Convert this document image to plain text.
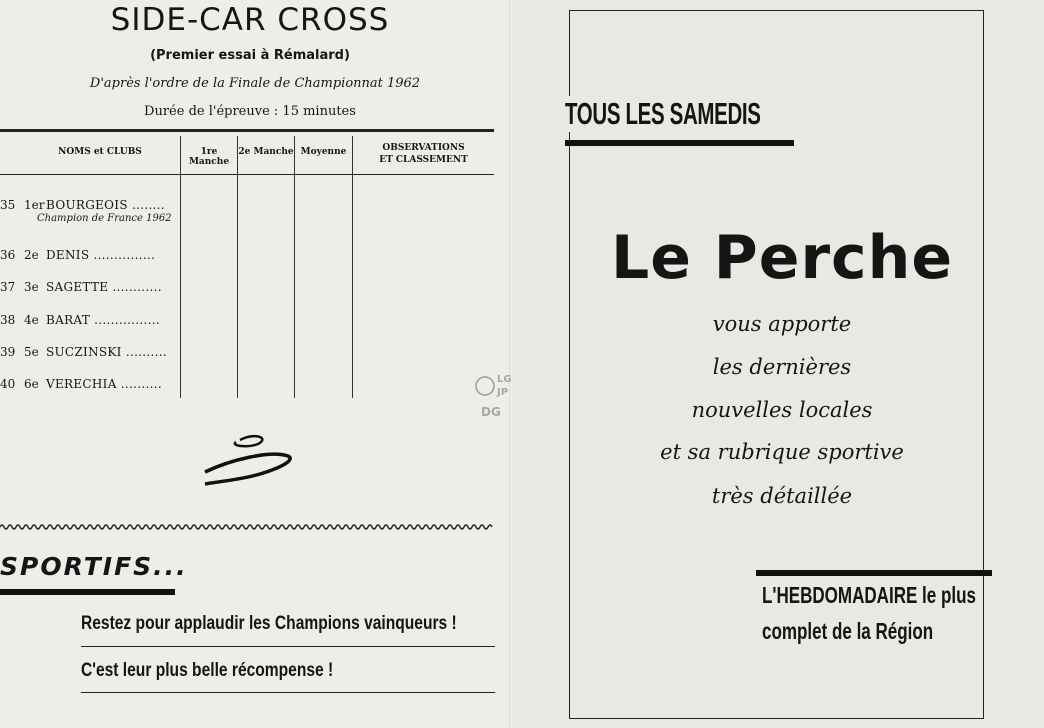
SIDE-CAR CROSS
(Premier essai à Rémalard)
D'après l'ordre de la Finale de Championnat 1962
Durée de l'épreuve : 15 minutes
NOMS et CLUBS	1re Manche
2e Manche Moyenne	OBSERVATIONS
ET CLASSEMENT
35 1er BOURGEOIS ........
Champion de France 1962
36 2e DENIS ...............
37 3e SAGETTE ............
38 4e BARAT ................
39 5e SUCZINSKI ..........
40 6e VERECHIA ..........
SPORTIFS...
Restez pour applaudir les Champions vainqueurs !
C'est leur plus belle récompense !
LG
JP
DG
TOUS LES SAMEDIS
Le Perche
vous apporte
les dernières
nouvelles locales
et sa rubrique sportive
très détaillée
L'HEBDOMADAIRE le plus
complet de la Région
